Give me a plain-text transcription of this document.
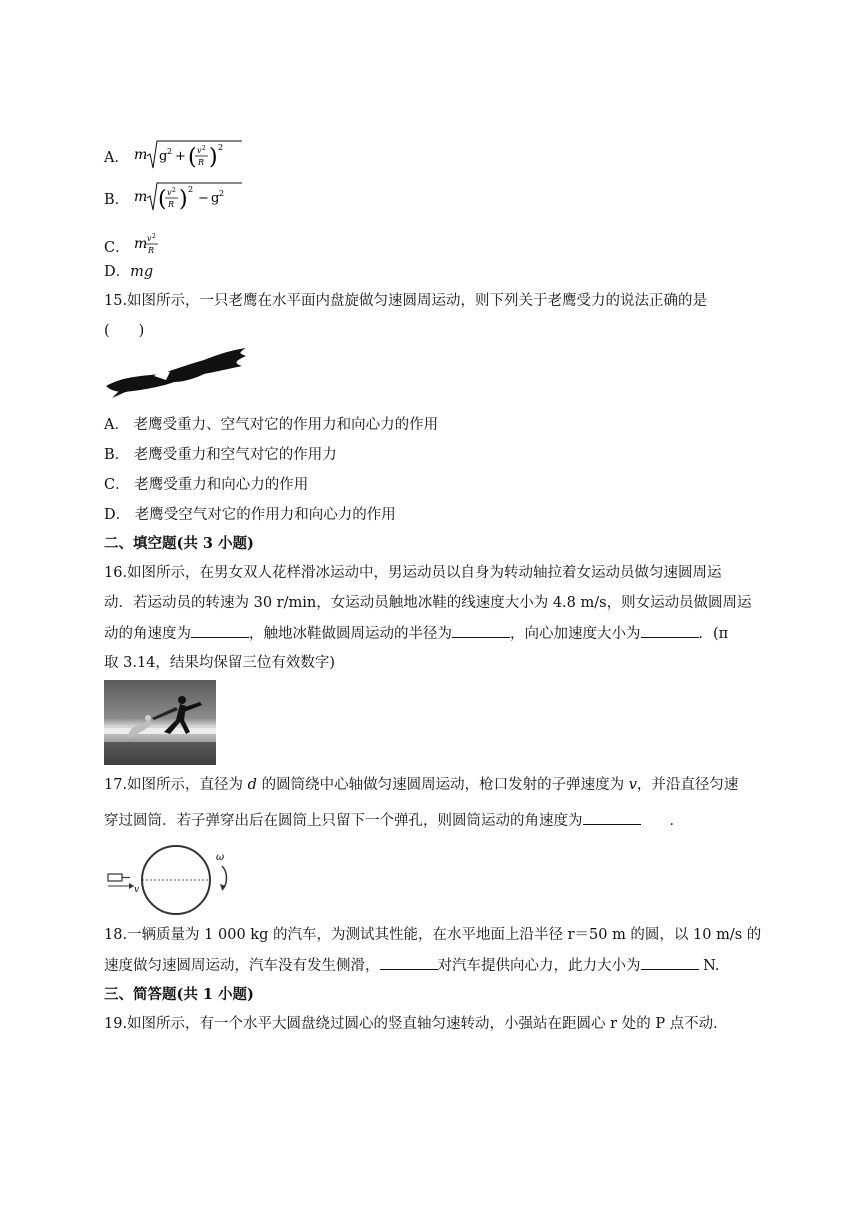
A． m g 2 + ( v 2
R ) 2
B． m ( v 2
R ) 2
− g 2
C． m v 2
R
D．mg
15.如图所示，一只老鹰在水平面内盘旋做匀速圆周运动，则下列关于老鹰受力的说法正确的是
(　　)
A． 老鹰受重力、空气对它的作用力和向心力的作用
B． 老鹰受重力和空气对它的作用力
C． 老鹰受重力和向心力的作用
D． 老鹰受空气对它的作用力和向心力的作用
二、填空题(共 3 小题)
16.如图所示，在男女双人花样滑冰运动中，男运动员以自身为转动轴拉着女运动员做匀速圆周运
动．若运动员的转速为 30 r/min，女运动员触地冰鞋的线速度大小为 4.8 m/s，则女运动员做圆周运
动的角速度为	，触地冰鞋做圆周运动的半径为	，向心加速度大小为	．(π
取 3.14，结果均保留三位有效数字)
17.如图所示，直径为 d 的圆筒绕中心轴做匀速圆周运动，枪口发射的子弹速度为 v，并沿直径匀速
穿过圆筒．若子弹穿出后在圆筒上只留下一个弹孔，则圆筒运动的角速度为	　　．
v
ω
18.一辆质量为 1 000 kg 的汽车，为测试其性能，在水平地面上沿半径 r＝50 m 的圆，以 10 m/s 的
速度做匀速圆周运动，汽车没有发生侧滑，	对汽车提供向心力，此力大小为	N.
三、简答题(共 1 小题)
19.如图所示，有一个水平大圆盘绕过圆心的竖直轴匀速转动，小强站在距圆心 r 处的 P 点不动．
